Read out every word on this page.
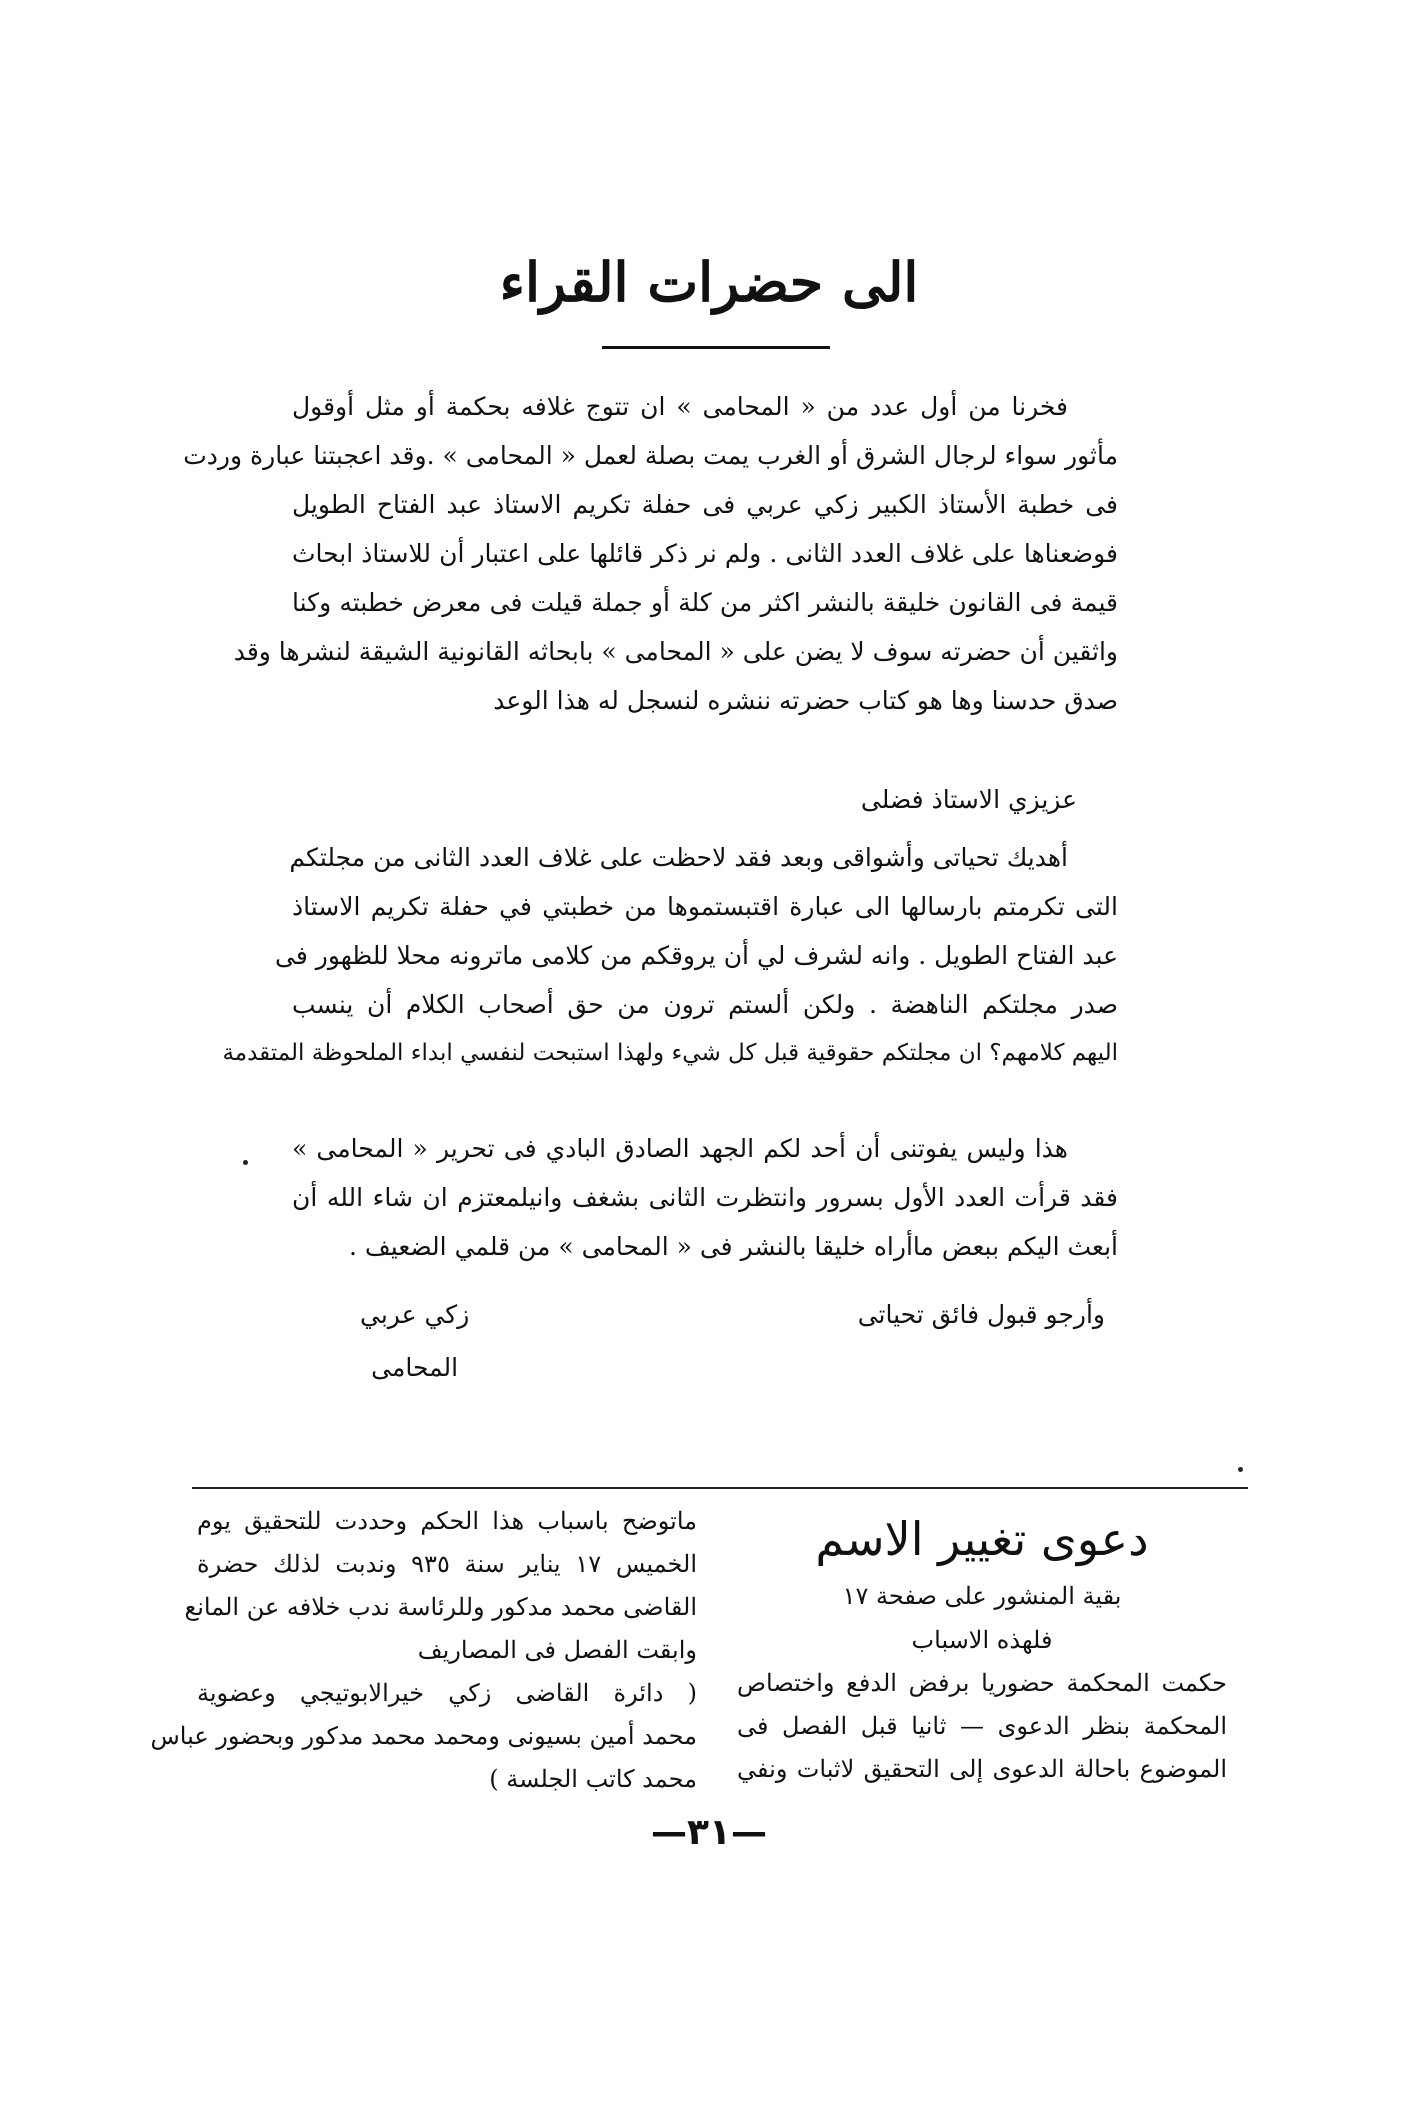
الى حضرات القراء
فخرنا من أول عدد من « المحامى » ان تتوج غلافه بحكمة أو مثل أوقول
مأثور سواء لرجال الشرق أو الغرب يمت بصلة لعمل « المحامى » .وقد اعجبتنا عبارة وردت
فى خطبة الأستاذ الكبير زكي عربي فى حفلة تكريم الاستاذ عبد الفتاح الطويل
فوضعناها على غلاف العدد الثانى . ولم نر ذكر قائلها على اعتبار أن للاستاذ ابحاث
قيمة فى القانون خليقة بالنشر اكثر من كلة أو جملة قيلت فى معرض خطبته وكنا
واثقين أن حضرته سوف لا يضن على « المحامى » بابحاثه القانونية الشيقة لنشرها وقد
صدق حدسنا وها هو كتاب حضرته ننشره لنسجل له هذا الوعد
عزيزي الاستاذ فضلى
أهديك تحياتى وأشواقى وبعد فقد لاحظت على غلاف العدد الثانى من مجلتكم
التى تكرمتم بارسالها الى عبارة اقتبستموها من خطبتي في حفلة تكريم الاستاذ
عبد الفتاح الطويل . وانه لشرف لي أن يروقكم من كلامى ماترونه محلا للظهور فى
صدر مجلتكم الناهضة . ولكن ألستم ترون من حق أصحاب الكلام أن ينسب
اليهم كلامهم؟ ان مجلتكم حقوقية قبل كل شيء ولهذا استبحت لنفسي ابداء الملحوظة المتقدمة
هذا وليس يفوتنى أن أحد لكم الجهد الصادق البادي فى تحرير « المحامى »
فقد قرأت العدد الأول بسرور وانتظرت الثانى بشغف وانيلمعتزم ان شاء الله أن
أبعث اليكم ببعض ماأراه خليقا بالنشر فى « المحامى » من قلمي الضعيف .
وأرجو قبول فائق تحياتى
زكي عربي
المحامى
دعوى تغيير الاسم
بقية المنشور على صفحة ١٧
فلهذه الاسباب
حكمت المحكمة حضوريا برفض الدفع واختصاص
المحكمة بنظر الدعوى — ثانيا قبل الفصل فى
الموضوع باحالة الدعوى إلى التحقيق لاثبات ونفي
ماتوضح باسباب هذا الحكم وحددت للتحقيق يوم
الخميس ١٧ يناير سنة ٩٣٥ وندبت لذلك حضرة
القاضى محمد مدكور وللرئاسة ندب خلافه عن المانع
وابقت الفصل فى المصاريف
( دائرة القاضى زكي خيرالابوتيجي وعضوية
محمد أمين بسيونى ومحمد محمد مدكور وبحضور عباس
محمد كاتب الجلسة )
—٣١—
